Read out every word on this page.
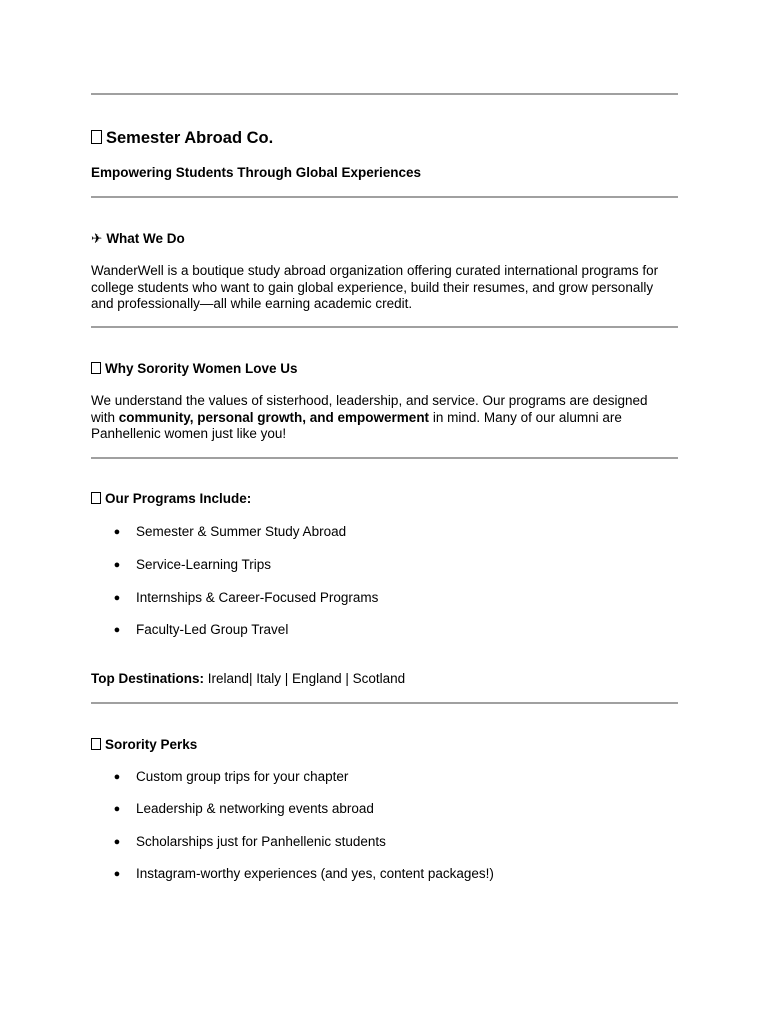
Semester Abroad Co.
Empowering Students Through Global Experiences
✈ What We Do
WanderWell is a boutique study abroad organization offering curated international programs for
college students who want to gain global experience, build their resumes, and grow personally
and professionally—all while earning academic credit.
Why Sorority Women Love Us
We understand the values of sisterhood, leadership, and service. Our programs are designed
with community, personal growth, and empowerment in mind. Many of our alumni are
Panhellenic women just like you!
Our Programs Include:
● Semester & Summer Study Abroad
● Service-Learning Trips
● Internships & Career-Focused Programs
● Faculty-Led Group Travel
Top Destinations: Ireland| Italy | England | Scotland
Sorority Perks
● Custom group trips for your chapter
● Leadership & networking events abroad
● Scholarships just for Panhellenic students
● Instagram-worthy experiences (and yes, content packages!)
